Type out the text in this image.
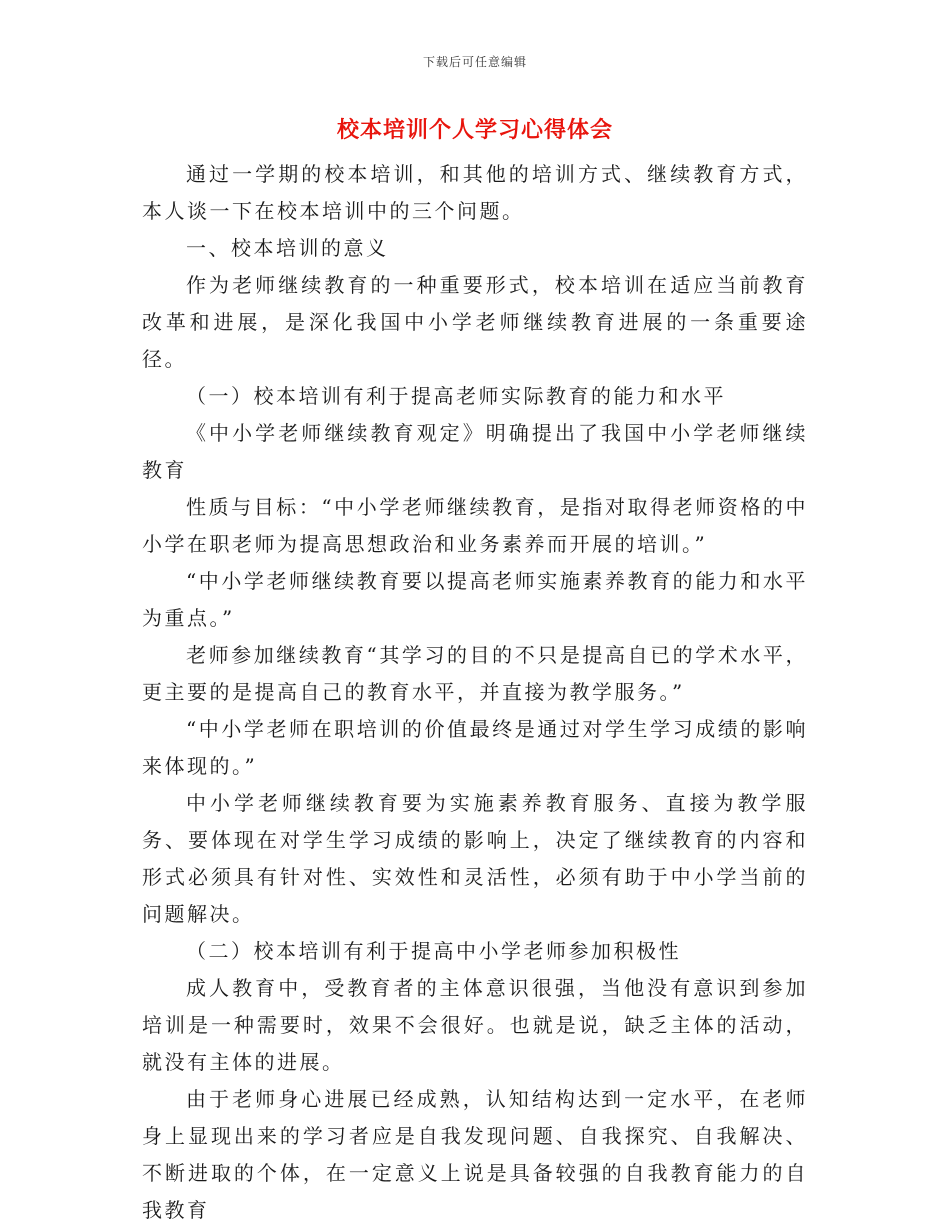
下载后可任意编辑
校本培训个人学习心得体会

通过一学期的校本培训，和其他的培训方式、继续教育方式，本人谈一下在校本培训中的三个问题。

一、校本培训的意义

作为老师继续教育的一种重要形式，校本培训在适应当前教育改革和进展，是深化我国中小学老师继续教育进展的一条重要途径。

（一）校本培训有利于提高老师实际教育的能力和水平

《中小学老师继续教育观定》明确提出了我国中小学老师继续教育

性质与目标：“中小学老师继续教育，是指对取得老师资格的中小学在职老师为提高思想政治和业务素养而开展的培训。”

“中小学老师继续教育要以提高老师实施素养教育的能力和水平为重点。”

老师参加继续教育“其学习的目的不只是提高自已的学术水平，更主要的是提高自己的教育水平，并直接为教学服务。”

“中小学老师在职培训的价值最终是通过对学生学习成绩的影响来体现的。”

中小学老师继续教育要为实施素养教育服务、直接为教学服务、要体现在对学生学习成绩的影响上，决定了继续教育的内容和形式必须具有针对性、实效性和灵活性，必须有助于中小学当前的问题解决。

（二）校本培训有利于提高中小学老师参加积极性

成人教育中，受教育者的主体意识很强，当他没有意识到参加培训是一种需要时，效果不会很好。也就是说，缺乏主体的活动，就没有主体的进展。

由于老师身心进展已经成熟，认知结构达到一定水平，在老师身上显现出来的学习者应是自我发现问题、自我探究、自我解决、不断进取的个体，在一定意义上说是具备较强的自我教育能力的自我教育
